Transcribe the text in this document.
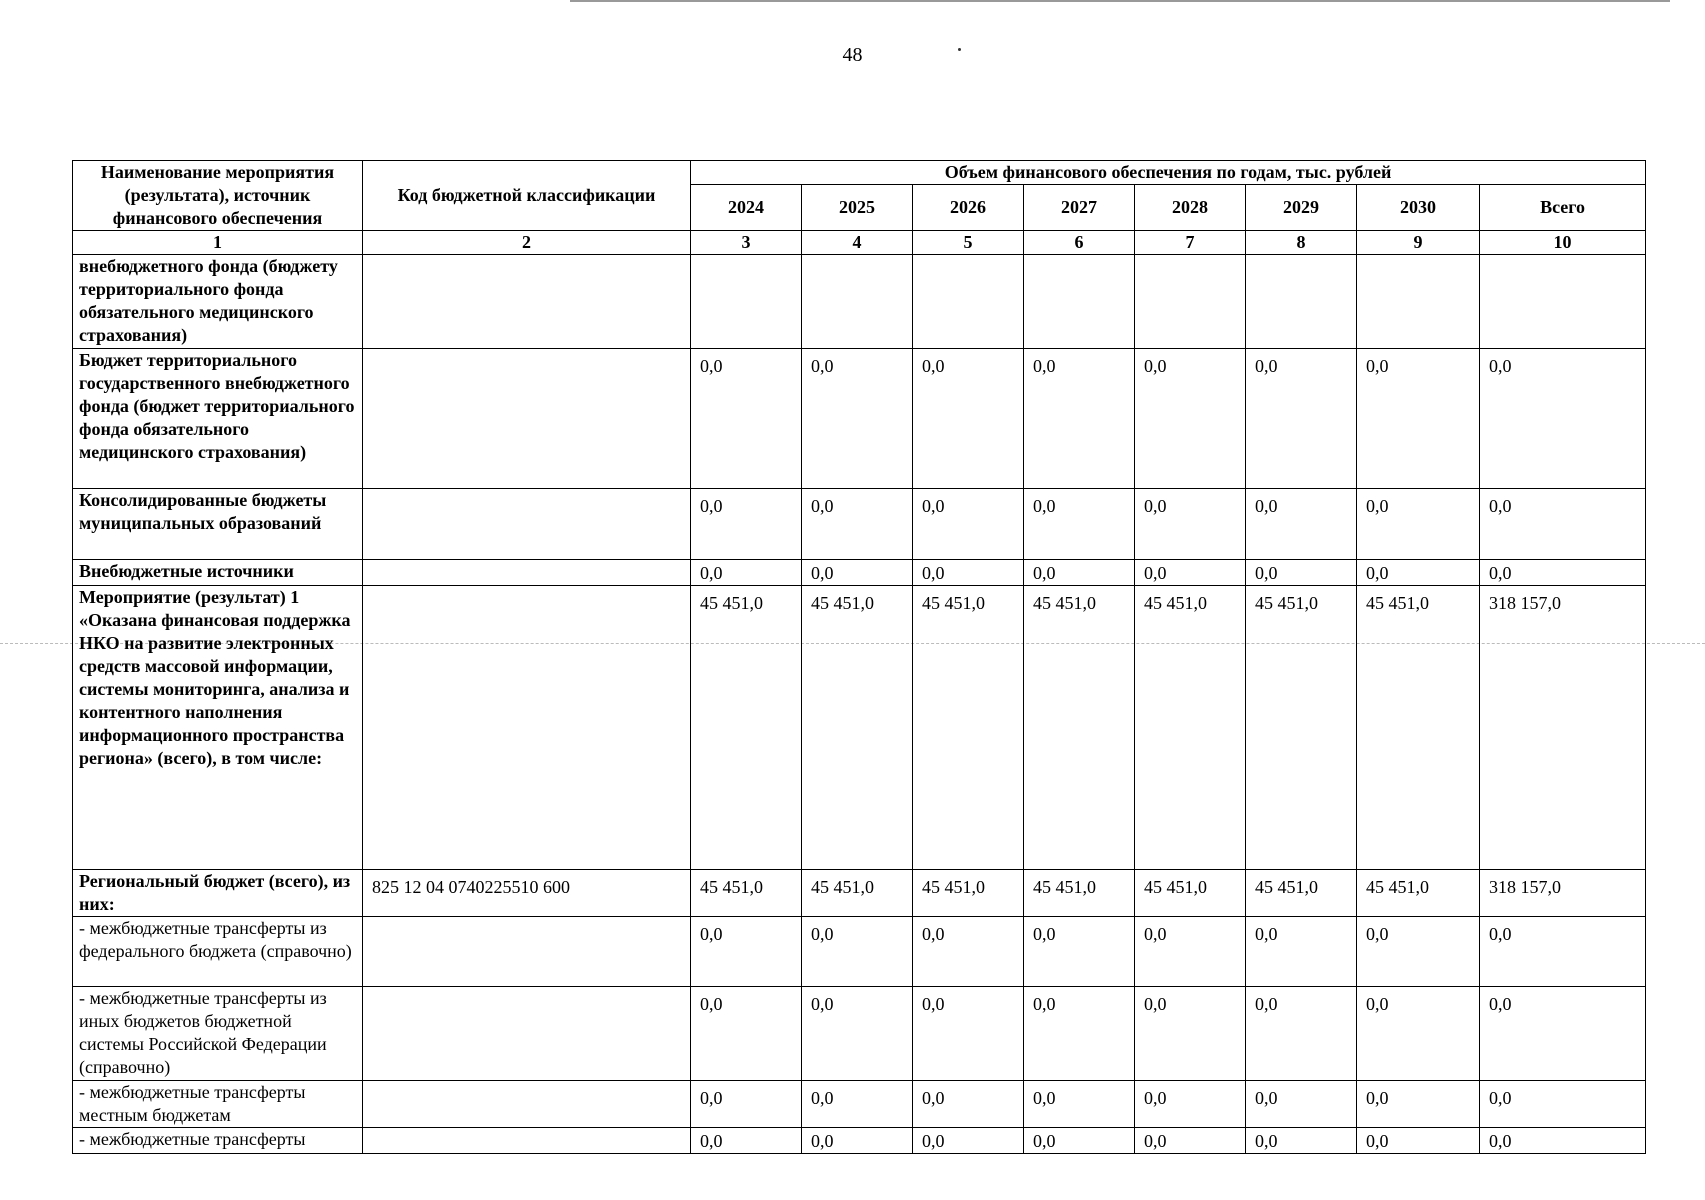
48
Наименование мероприятия (результата), источник финансового обеспечения	Код бюджетной классификации	Объем финансового обеспечения по годам, тыс. рублей							
		2024	2025	2026	2027	2028	2029	2030	Всего
1	2	3	4	5	6	7	8	9	10
внебюджетного фонда (бюджету территориального фонда обязательного медицинского страхования)									
Бюджет территориального государственного внебюджетного фонда (бюджет территориального фонда обязательного медицинского страхования)		0,0	0,0	0,0	0,0	0,0	0,0	0,0	0,0
Консолидированные бюджеты муниципальных образований		0,0	0,0	0,0	0,0	0,0	0,0	0,0	0,0
Внебюджетные источники		0,0	0,0	0,0	0,0	0,0	0,0	0,0	0,0
Мероприятие (результат) 1 «Оказана финансовая поддержка НКО на развитие электронных средств массовой информации, системы мониторинга, анализа и контентного наполнения информационного пространства региона» (всего), в том числе:		45 451,0	45 451,0	45 451,0	45 451,0	45 451,0	45 451,0	45 451,0	318 157,0
Региональный бюджет (всего), из них:	825 12 04 0740225510 600	45 451,0	45 451,0	45 451,0	45 451,0	45 451,0	45 451,0	45 451,0	318 157,0
- межбюджетные трансферты из федерального бюджета (справочно)		0,0	0,0	0,0	0,0	0,0	0,0	0,0	0,0
- межбюджетные трансферты из иных бюджетов бюджетной системы Российской Федерации (справочно)		0,0	0,0	0,0	0,0	0,0	0,0	0,0	0,0
- межбюджетные трансферты местным бюджетам		0,0	0,0	0,0	0,0	0,0	0,0	0,0	0,0
- межбюджетные трансферты		0,0	0,0	0,0	0,0	0,0	0,0	0,0	0,0
